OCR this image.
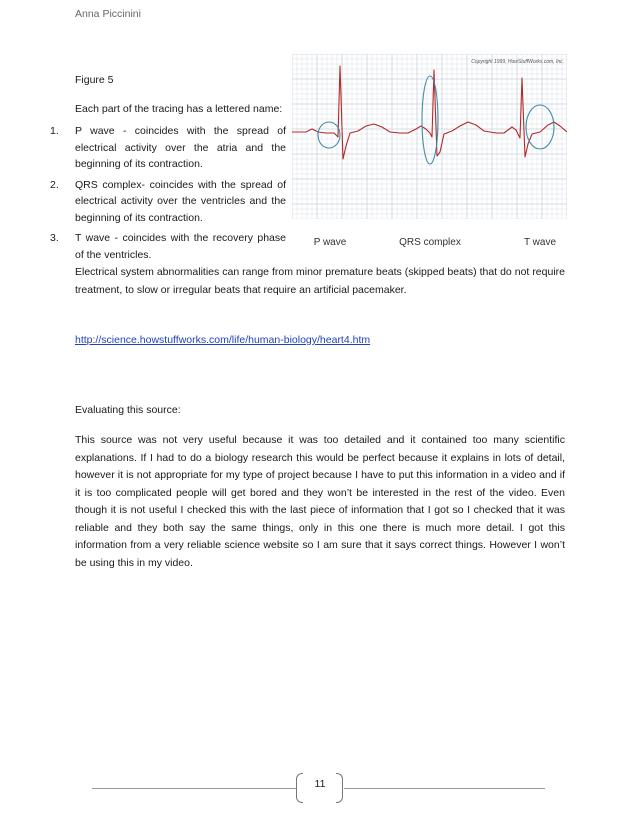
Anna Piccinini
Figure 5
Each part of the tracing has a lettered name:
1. P wave - coincides with the spread of electrical activity over the atria and the beginning of its contraction.
2. QRS complex- coincides with the spread of electrical activity over the ventricles and the beginning of its contraction.
3. T wave - coincides with the recovery phase of the ventricles.
Copyright 1999, HowStuffWorks.com, Inc.
P wave	QRS complex	T wave
Electrical system abnormalities can range from minor premature beats (skipped beats) that do not require treatment, to slow or irregular beats that require an artificial pacemaker.
http://science.howstuffworks.com/life/human-biology/heart4.htm
Evaluating this source:
This source was not very useful because it was too detailed and it contained too many scientific explanations. If I had to do a biology research this would be perfect because it explains in lots of detail, however it is not appropriate for my type of project because I have to put this information in a video and if it is too complicated people will get bored and they won’t be interested in the rest of the video. Even though it is not useful I checked this with the last piece of information that I got so I checked that it was reliable and they both say the same things, only in this one there is much more detail. I got this information from a very reliable science website so I am sure that it says correct things. However I won’t be using this in my video.
11
